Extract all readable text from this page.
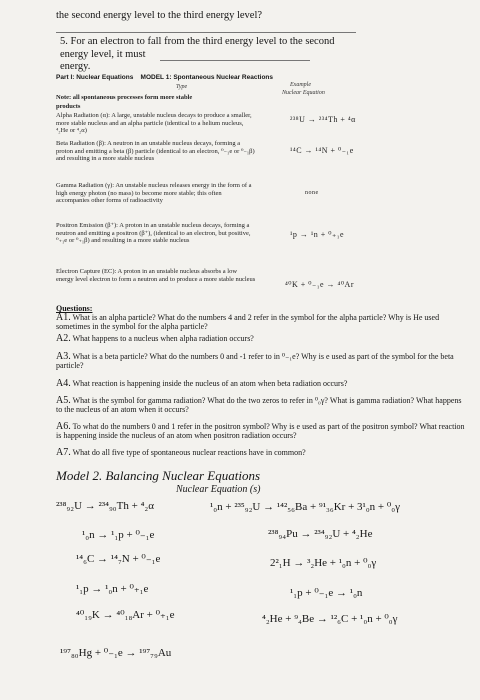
the second energy level to the third energy level?
5. For an electron to fall from the third energy level to the second
energy level, it must
energy.
Part I: Nuclear Equations MODEL 1: Spontaneous Nuclear Reactions
Type	Example
Nuclear Equation
Note: all spontaneous processes form more stable products
Alpha Radiation (α): A large, unstable nucleus decays to produce a smaller, more stable nucleus and an alpha particle (identical to a helium nucleus, ⁴₂He or ⁴₂α)
²³⁸U → ²³⁴Th + ⁴α
Beta Radiation (β): A neutron in an unstable nucleus decays, forming a proton and emitting a beta (β) particle (identical to an electron, ⁰₋₁e or ⁰₋₁β) and resulting in a more stable nucleus
¹⁴C → ¹⁴N + ⁰₋₁e
Gamma Radiation (γ): An unstable nucleus releases energy in the form of a high energy photon (no mass) to become more stable; this often accompanies other forms of radioactivity
none
Positron Emission (β⁺): A proton in an unstable nucleus decays, forming a neutron and emitting a positron (β⁺), (identical to an electron, but positive, ⁰₊₁e or ⁰₊₁β) and resulting in a more stable nucleus
¹p → ¹n + ⁰₊₁e
Electron Capture (EC): A proton in an unstable nucleus absorbs a low energy level electron to form a neutron and to produce a more stable nucleus
⁴⁰K + ⁰₋₁e → ⁴⁰Ar
Questions:
A1. What is an alpha particle? What do the numbers 4 and 2 refer in the symbol for the alpha particle? Why is He used sometimes in the symbol for the alpha particle?
A2. What happens to a nucleus when alpha radiation occurs?
A3. What is a beta particle? What do the numbers 0 and -1 refer to in ⁰₋₁e? Why is e used as part of the symbol for the beta particle?
A4. What reaction is happening inside the nucleus of an atom when beta radiation occurs?
A5. What is the symbol for gamma radiation? What do the two zeros to refer in ⁰₀γ? What is gamma radiation? What happens to the nucleus of an atom when it occurs?
A6. To what do the numbers 0 and 1 refer in the positron symbol? Why is e used as part of the positron symbol? What reaction is happening inside the nucleus of an atom when positron radiation occurs?
A7. What do all five type of spontaneous nuclear reactions have in common?
Model 2. Balancing Nuclear Equations
Nuclear Equation (s)
²³⁸₉₂U → ²³⁴₉₀Th + ⁴₂α	¹₀n + ²³⁵₉₂U → ¹⁴²₅₆Ba + ⁹¹₃₆Kr + 3¹₀n + ⁰₀γ
¹₀n → ¹₁p + ⁰₋₁e	²³⁸₉₄Pu → ²³⁴₉₂U + ⁴₂He
¹⁴₆C → ¹⁴₇N + ⁰₋₁e	2²₁H → ³₂He + ¹₀n + ⁰₀γ
¹₁p → ¹₀n + ⁰₊₁e	¹₁p + ⁰₋₁e → ¹₀n
⁴⁰₁₉K → ⁴⁰₁₈Ar + ⁰₊₁e	⁴₂He + ⁹₄Be → ¹²₆C + ¹₀n + ⁰₀γ
¹⁹⁷₈₀Hg + ⁰₋₁e → ¹⁹⁷₇₉Au
